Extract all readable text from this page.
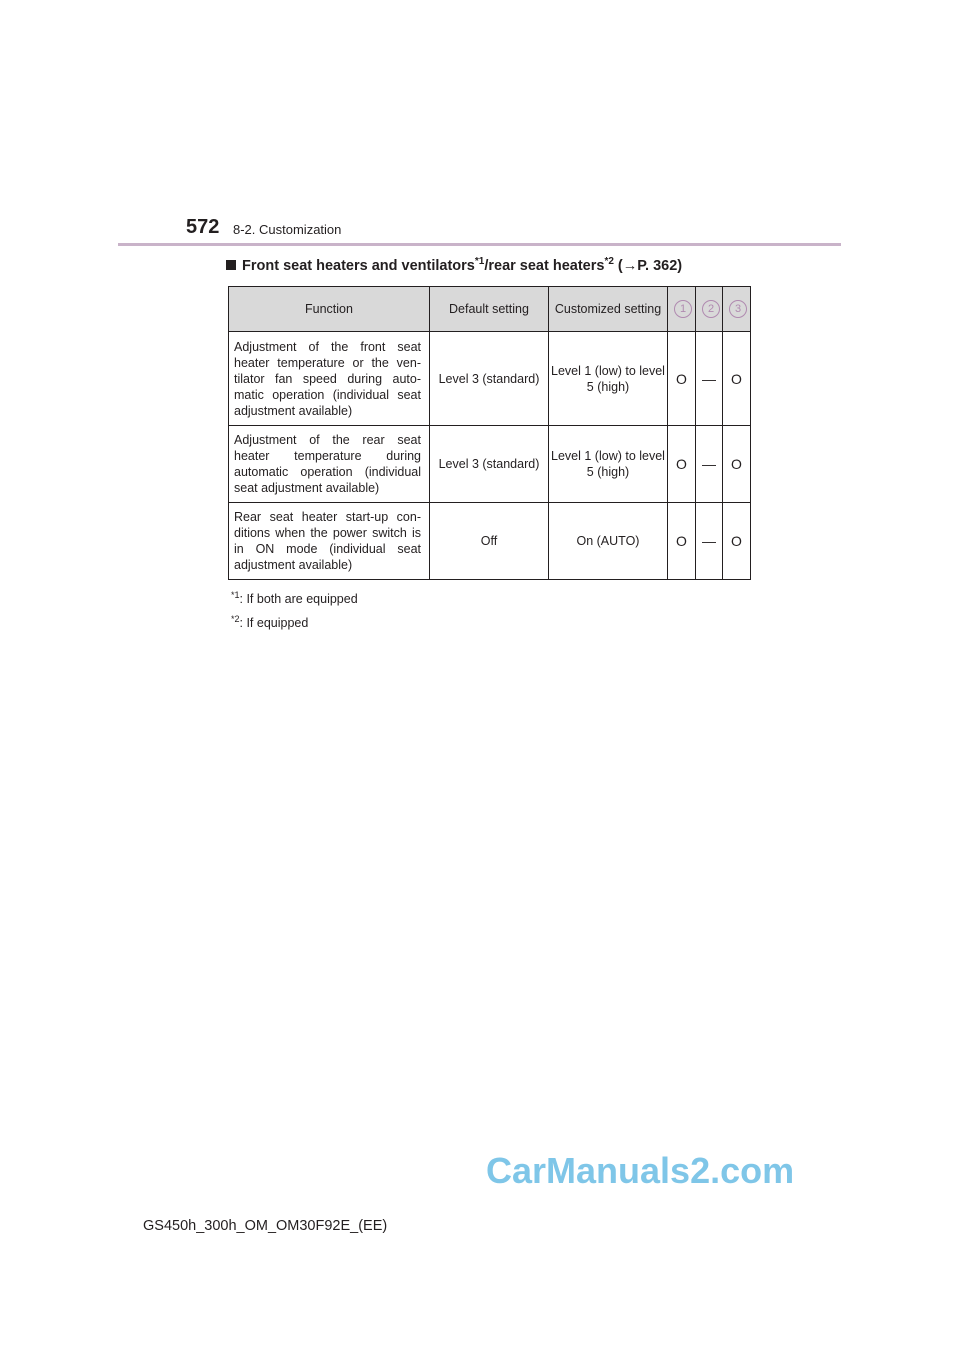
572 8-2. Customization
Front seat heaters and ventilators$^{*1}$/rear seat heaters$^{*2}$ (→P. 362)
Function	Default setting	Customized setting	1	2	3
Adjustment of the front seat heater temperature or the ven-tilator fan speed during auto-matic operation (individual seat adjustment available)	Level 3 (standard)	Level 1 (low) to level 5 (high)	O	—	O
Adjustment of the rear seat heater temperature during automatic operation (individual seat adjustment available)	Level 3 (standard)	Level 1 (low) to level 5 (high)	O	—	O
Rear seat heater start-up con-ditions when the power switch is in ON mode (individual seat adjustment available)	Off	On (AUTO)	O	—	O
$^{*1}$: If both are equipped
$^{*2}$: If equipped
CarManuals2.com
GS450h_300h_OM_OM30F92E_(EE)
